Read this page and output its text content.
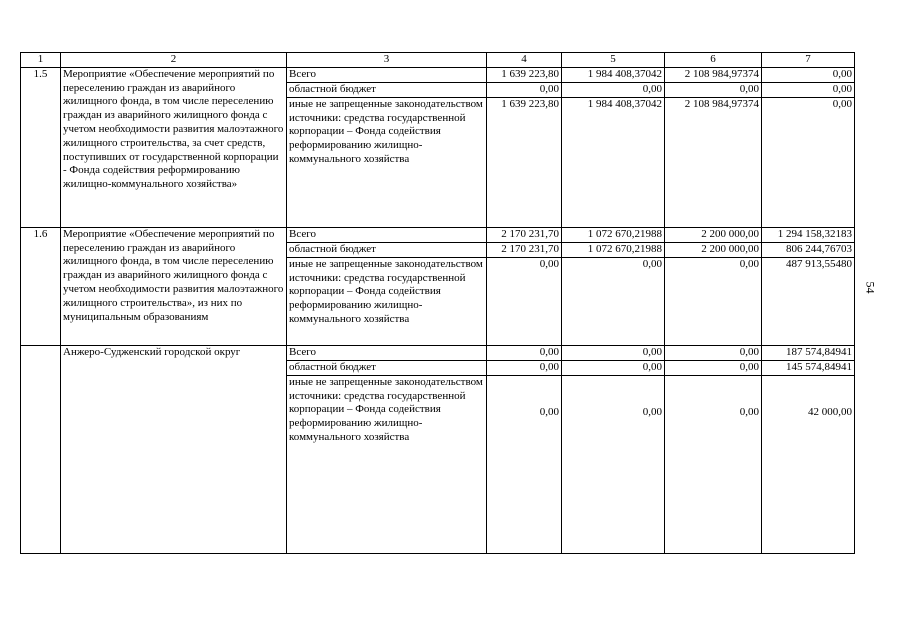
1	2	3	4	5	6	7
1.5	Мероприятие «Обеспечение мероприятий по переселению граждан из аварийного жилищного фонда, в том числе переселению граждан из аварийного жилищного фонда с учетом необходимости развития малоэтажного жилищного строительства, за счет средств, поступивших от государственной корпорации - Фонда содействия реформированию жилищно-коммунального хозяйства»	Всего	1 639 223,80	1 984 408,37042	2 108 984,97374	0,00
		областной бюджет	0,00	0,00	0,00	0,00
		иные не запрещенные законодательством источники: средства государственной корпорации – Фонда содействия реформированию жилищно-коммунального хозяйства	1 639 223,80	1 984 408,37042	2 108 984,97374	0,00
1.6	Мероприятие «Обеспечение мероприятий по переселению граждан из аварийного жилищного фонда, в том числе переселению граждан из аварийного жилищного фонда с учетом необходимости развития малоэтажного жилищного строительства», из них по муниципальным образованиям	Всего	2 170 231,70	1 072 670,21988	2 200 000,00	1 294 158,32183
		областной бюджет	2 170 231,70	1 072 670,21988	2 200 000,00	806 244,76703
		иные не запрещенные законодательством источники: средства государственной корпорации – Фонда содействия реформированию жилищно-коммунального хозяйства	0,00	0,00	0,00	487 913,55480
	Анжеро-Судженский городской округ	Всего	0,00	0,00	0,00	187 574,84941
		областной бюджет	0,00	0,00	0,00	145 574,84941
		иные не запрещенные законодательством источники: средства государственной корпорации – Фонда содействия реформированию жилищно-коммунального хозяйства	0,00	0,00	0,00	42 000,00
54
